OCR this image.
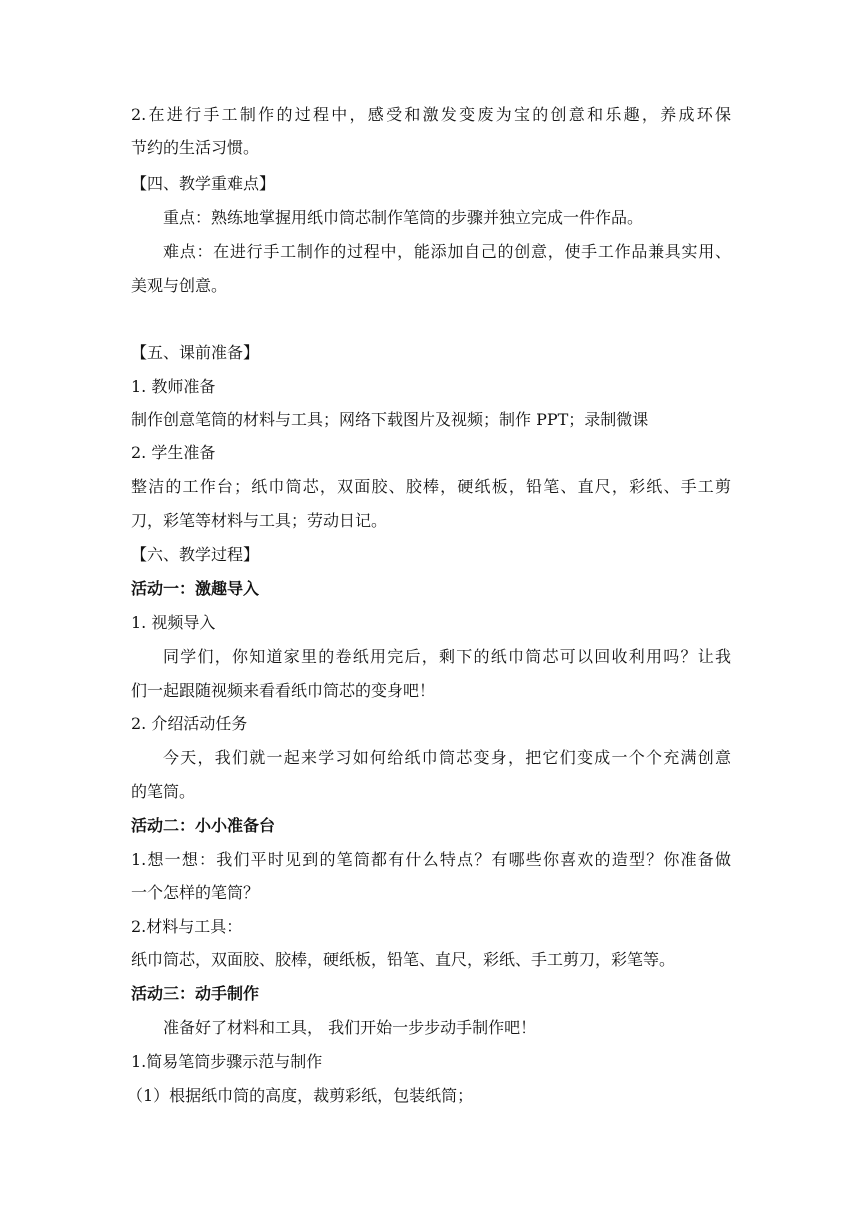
2.在进行手工制作的过程中，感受和激发变废为宝的创意和乐趣，养成环保
节约的生活习惯。
【四、教学重难点】
重点：熟练地掌握用纸巾筒芯制作笔筒的步骤并独立完成一件作品。
难点：在进行手工制作的过程中，能添加自己的创意，使手工作品兼具实用、
美观与创意。
【五、课前准备】
1. 教师准备
制作创意笔筒的材料与工具；网络下载图片及视频；制作 PPT；录制微课
2. 学生准备
整洁的工作台；纸巾筒芯，双面胶、胶棒，硬纸板，铅笔、直尺，彩纸、手工剪
刀，彩笔等材料与工具；劳动日记。
【六、教学过程】
活动一：激趣导入
1. 视频导入
同学们，你知道家里的卷纸用完后，剩下的纸巾筒芯可以回收利用吗？让我
们一起跟随视频来看看纸巾筒芯的变身吧！
2. 介绍活动任务
今天，我们就一起来学习如何给纸巾筒芯变身，把它们变成一个个充满创意
的笔筒。
活动二：小小准备台
1.想一想：我们平时见到的笔筒都有什么特点？有哪些你喜欢的造型？你准备做
一个怎样的笔筒？
2.材料与工具：
纸巾筒芯，双面胶、胶棒，硬纸板，铅笔、直尺，彩纸、手工剪刀，彩笔等。
活动三：动手制作
准备好了材料和工具， 我们开始一步步动手制作吧！
1.简易笔筒步骤示范与制作
（1）根据纸巾筒的高度，裁剪彩纸，包装纸筒；
